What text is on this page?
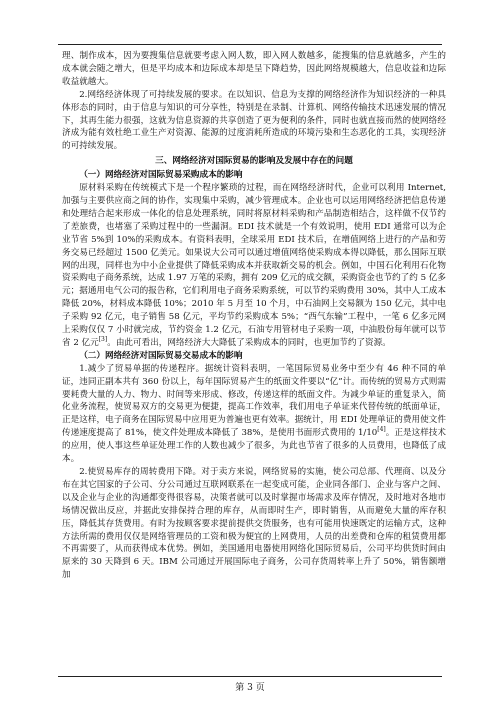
理、制作成本，因为要搜集信息就要考虑入网人数，即入网人数越多，能搜集的信息就越多，产生的成本就会随之增大，但是平均成本和边际成本却是呈下降趋势，因此网络规模越大，信息收益和边际收益就越大。

2.网络经济体现了可持续发展的要求。在以知识、信息为支撑的网络经济作为知识经济的一种具体形态的同时，由于信息与知识的可分享性，特别是在录制、计算机、网络传输技术迅速发展的情况下，其再生能力很强，这就为信息资源的共享创造了更为便利的条件，同时也就直接而然的使网络经济成为能有效杜绝工业生产对资源、能源的过度消耗所造成的环境污染和生态恶化的工具，实现经济的可持续发展。

三、网络经济对国际贸易的影响及发展中存在的问题

（一）网络经济对国际贸易采购成本的影响

原材料采购在传统模式下是一个程序繁琐的过程，而在网络经济时代，企业可以利用 Internet,加强与主要供应商之间的协作，实现集中采购，减少管理成本。企业也可以运用网络经济把信息传递和处理结合起来形成一体化的信息处理系统，同时将原材料采购和产品制造相结合，这样做不仅节约了差旅费，也堵塞了采购过程中的一些漏洞。EDI 技术就是一个有效说明，使用 EDI 通常可以为企业节省 5%到 10%的采购成本。有资料表明，全球采用 EDI 技术后，在增值网络上进行的产品和劳务交易已经超过 1500 亿美元。如果说大公司可以通过增值网络使采购成本得以降低，那么国际互联网的出现，同样也为中小企业提供了降低采购成本并获取新交易的机会。例如，中国石化利用石化物资采购电子商务系统，达成 1.97 万笔的采购，拥有 209 亿元的成交额，采购资金也节约了约 5 亿多元；据通用电气公司的报告称，它们利用电子商务采购系统，可以节约采购费用 30%，其中人工成本降低 20%，材料成本降低 10%；2010 年 5 月至 10 个月，中石油网上交易额为 150 亿元，其中电子采购 92 亿元，电子销售 58 亿元，平均节约采购成本 5%；“西气东输”工程中，一笔 6 亿多元网上采购仅仅 7 小时就完成，节约资金 1.2 亿元，石油专用管材电子采购一项，中油股份每年就可以节省 2 亿元[3]。由此可看出，网络经济大大降低了采购成本的同时，也更加节约了资源。

（二）网络经济对国际贸易交易成本的影响

1.减少了贸易单据的传递程序。据统计资料表明，一笔国际贸易业务中至少有 46 种不同的单证，违同正副本共有 360 份以上，每年国际贸易产生的纸面文件要以“亿”计。而传统的贸易方式则需要耗费大量的人力、物力、时间等来形成、修改，传递这样的纸面文件。为减少单证的重复录入，简化业务流程，使贸易双方的交易更为便捷，提高工作效率，我们用电子单证来代替传统的纸面单证，正是这样，电子商务在国际贸易中应用更为普遍也更有效率。据统计，用 EDI 处理单证的费用使文件传递速度提高了 81%，使文件处理成本降低了 38%，是使用书面形式费用的 1/10[4]。正是这样技术的应用，使人事这些单证处理工作的人数也减少了很多，为此也节省了很多的人员费用，也降低了成本。

2.使贸易库存的周转费用下降。对于卖方来说，网络贸易的实施，使公司总部、代理商、以及分布在其它国家的子公司、分公司通过互联网联系在一起变成可能，企业同各部门、企业与客户之间、以及企业与企业的沟通都变得很容易，决策者就可以及时掌握市场需求及库存情况，及时地对各地市场情况做出反应，并据此安排保持合理的库存，从而即时生产，即时销售，从而避免大量的库存积压，降低其存货费用。有时为按顾客要求提前提供交货服务，也有可能用快速既定的运输方式，这种方法所需的费用仅仅是网络管理员的工资和极为便宜的上网费用，人员的出差费和仓库的租赁费用都不再需要了，从而获得成本优势。例如，美国通用电器使用网络化国际贸易后，公司平均供货时间由原来的 30 天降到 6 天。IBM 公司通过开展国际电子商务，公司存货周转率上升了 50%，销售额增加

第 3 页
